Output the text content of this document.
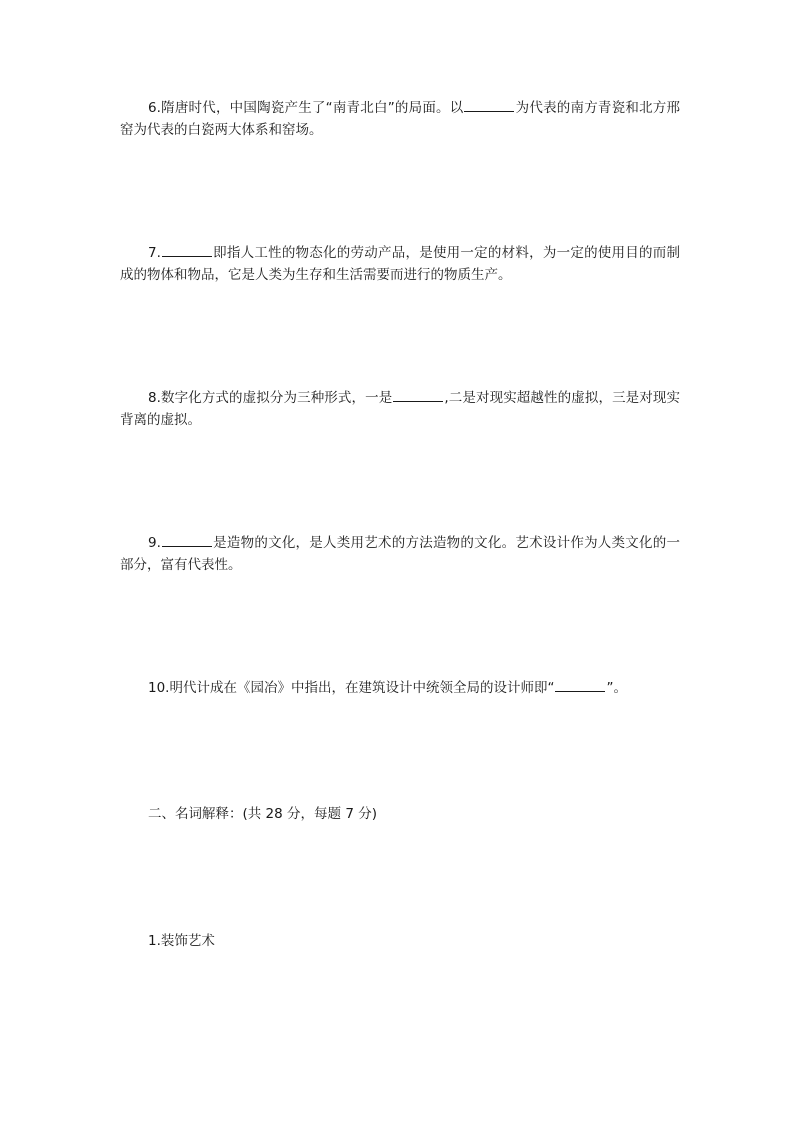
6.隋唐时代，中国陶瓷产生了“南青北白”的局面。以	为代表的南方青瓷和北方邢窑为代表的白瓷两大体系和窑场。

7.	即指人工性的物态化的劳动产品，是使用一定的材料，为一定的使用目的而制成的物体和物品，它是人类为生存和生活需要而进行的物质生产。

8.数字化方式的虚拟分为三种形式，一是	,二是对现实超越性的虚拟，三是对现实背离的虚拟。

9.	是造物的文化，是人类用艺术的方法造物的文化。艺术设计作为人类文化的一部分，富有代表性。

10.明代计成在《园冶》中指出，在建筑设计中统领全局的设计师即“	”。

二、名词解释：(共 28 分，每题 7 分)

1.装饰艺术
